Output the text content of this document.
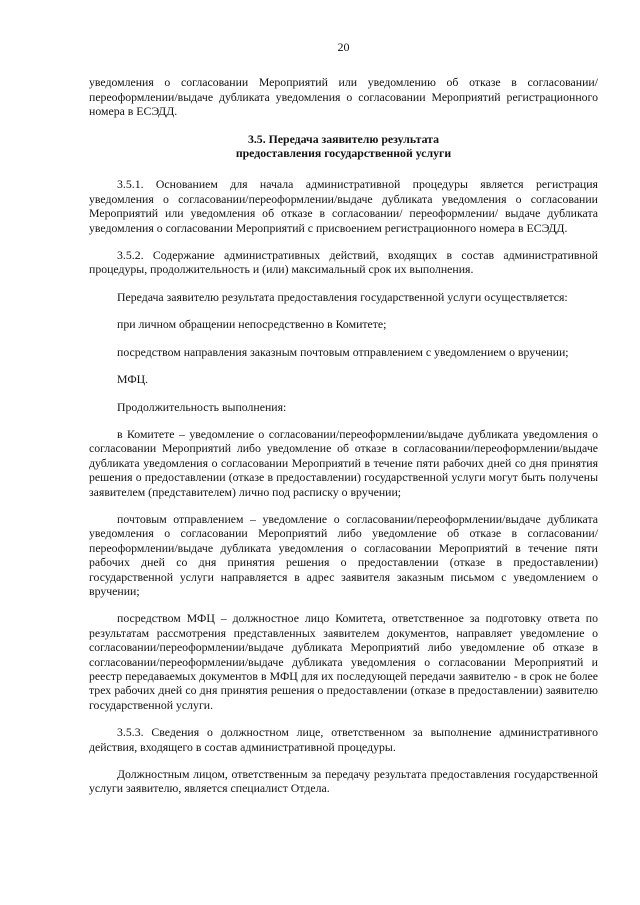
20

уведомления о согласовании Мероприятий или уведомлению об отказе в согласовании/переоформлении/выдаче дубликата уведомления о согласовании Мероприятий регистрационного номера в ЕСЭДД.

3.5. Передача заявителю результата
предоставления государственной услуги

3.5.1. Основанием для начала административной процедуры является регистрация уведомления о согласовании/переоформлении/выдаче дубликата уведомления о согласовании Мероприятий или уведомления об отказе в согласовании/ переоформлении/ выдаче дубликата уведомления о согласовании Мероприятий с присвоением регистрационного номера в ЕСЭДД.

3.5.2. Содержание административных действий, входящих в состав административной процедуры, продолжительность и (или) максимальный срок их выполнения.

Передача заявителю результата предоставления государственной услуги осуществляется:

при личном обращении непосредственно в Комитете;

посредством направления заказным почтовым отправлением с уведомлением о вручении;

МФЦ.

Продолжительность выполнения:

в Комитете – уведомление о согласовании/переоформлении/выдаче дубликата уведомления о согласовании Мероприятий либо уведомление об отказе в согласовании/переоформлении/выдаче дубликата уведомления о согласовании Мероприятий в течение пяти рабочих дней со дня принятия решения о предоставлении (отказе в предоставлении) государственной услуги могут быть получены заявителем (представителем) лично под расписку о вручении;

почтовым отправлением – уведомление о согласовании/переоформлении/выдаче дубликата уведомления о согласовании Мероприятий либо уведомление об отказе в согласовании/переоформлении/выдаче дубликата уведомления о согласовании Мероприятий в течение пяти рабочих дней со дня принятия решения о предоставлении (отказе в предоставлении) государственной услуги направляется в адрес заявителя заказным письмом с уведомлением о вручении;

посредством МФЦ – должностное лицо Комитета, ответственное за подготовку ответа по результатам рассмотрения представленных заявителем документов, направляет уведомление о согласовании/переоформлении/выдаче дубликата Мероприятий либо уведомление об отказе в согласовании/переоформлении/выдаче дубликата уведомления о согласовании Мероприятий и реестр передаваемых документов в МФЦ для их последующей передачи заявителю - в срок не более трех рабочих дней со дня принятия решения о предоставлении (отказе в предоставлении) заявителю государственной услуги.

3.5.3. Сведения о должностном лице, ответственном за выполнение административного действия, входящего в состав административной процедуры.

Должностным лицом, ответственным за передачу результата предоставления государственной услуги заявителю, является специалист Отдела.
